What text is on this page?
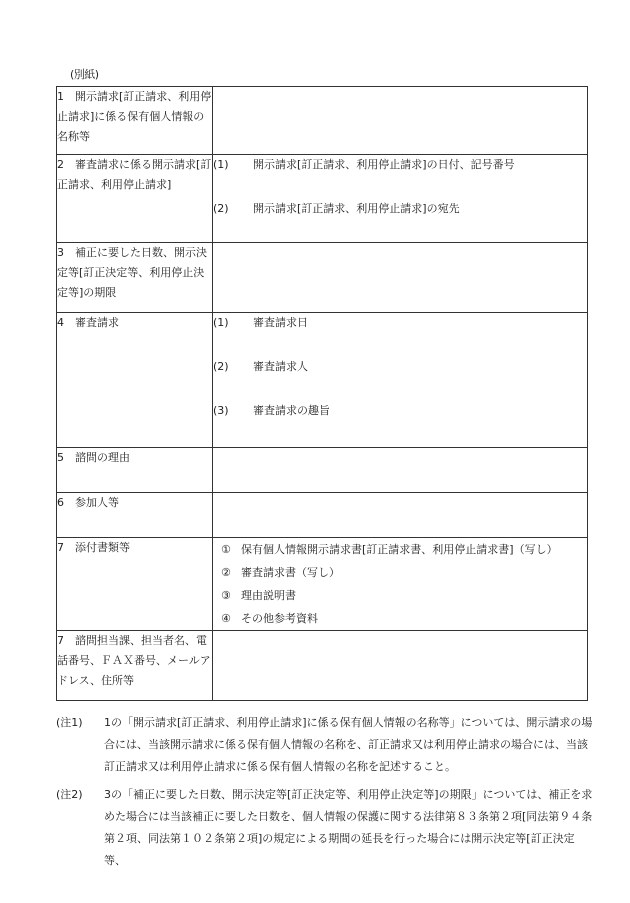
(別紙)
1　開示請求[訂正請求、利用停止請求]に係る保有個人情報の名称等	
2　審査請求に係る開示請求[訂正請求、利用停止請求]	(1) 開示請求[訂正請求、利用停止請求]の日付、記号番号
(2) 開示請求[訂正請求、利用停止請求]の宛先

3　補正に要した日数、開示決定等[訂正決定等、利用停止決定等]の期限	
4　審査請求	(1) 審査請求日
(2) 審査請求人
(3) 審査請求の趣旨

5　諮問の理由	
6　参加人等	
7　添付書類等	① 保有個人情報開示請求書[訂正請求書、利用停止請求書]（写し）
② 審査請求書（写し）
③ 理由説明書
④ その他参考資料

7　諮問担当課、担当者名、電話番号、ＦＡＸ番号、メールアドレス、住所等	
(注1)	1の「開示請求[訂正請求、利用停止請求]に係る保有個人情報の名称等」については、開示請求の場合には、当該開示請求に係る保有個人情報の名称を、訂正請求又は利用停止請求の場合には、当該訂正請求又は利用停止請求に係る保有個人情報の名称を記述すること。
(注2)	3の「補正に要した日数、開示決定等[訂正決定等、利用停止決定等]の期限」については、補正を求めた場合には当該補正に要した日数を、個人情報の保護に関する法律第８３条第２項[同法第９４条第２項、同法第１０２条第２項]の規定による期間の延長を行った場合には開示決定等[訂正決定等、
